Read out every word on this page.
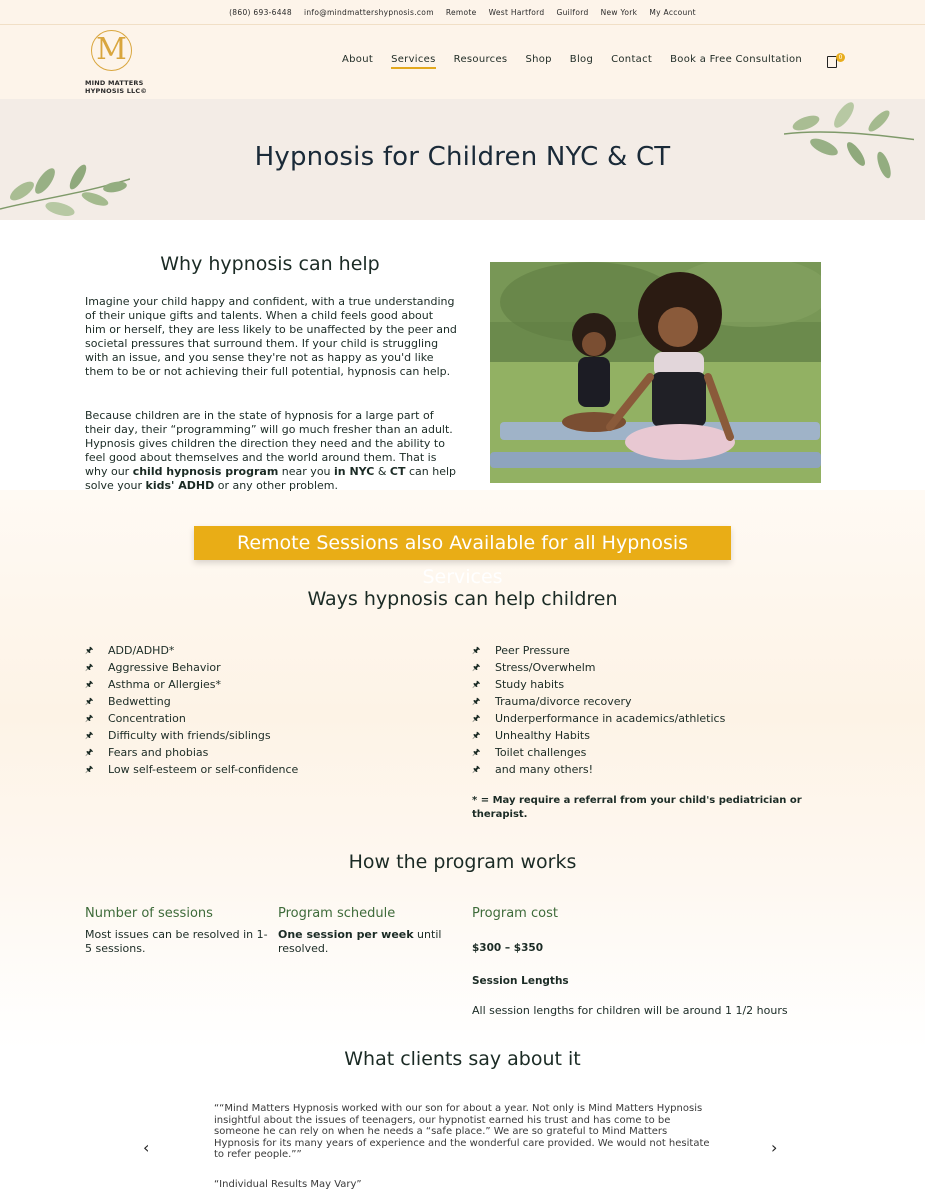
(860) 693-6448 info@mindmattershypnosis.com Remote West Hartford Guilford New York My Account
M
MIND MATTERS
HYPNOSIS LLC©
About Services Resources Shop Blog Contact Book a Free Consultation	0
Hypnosis for Children NYC & CT
Why hypnosis can help

Imagine your child happy and confident, with a true understanding of their unique gifts and talents. When a child feels good about him or herself, they are less likely to be unaffected by the peer and societal pressures that surround them. If your child is struggling with an issue, and you sense they're not as happy as you'd like them to be or not achieving their full potential, hypnosis can help.

Because children are in the state of hypnosis for a large part of their day, their “programming” will go much fresher than an adult. Hypnosis gives children the direction they need and the ability to feel good about themselves and the world around them. That is why our child hypnosis program near you in NYC & CT can help solve your kids' ADHD or any other problem.

Remote Sessions also Available for all Hypnosis Services
Ways hypnosis can help children
🖈	ADD/ADHD*
🖈	Aggressive Behavior
🖈	Asthma or Allergies*
🖈	Bedwetting
🖈	Concentration
🖈	Difficulty with friends/siblings
🖈	Fears and phobias
🖈	Low self-esteem or self-confidence
🖈	Peer Pressure
🖈	Stress/Overwhelm
🖈	Study habits
🖈	Trauma/divorce recovery
🖈	Underperformance in academics/athletics
🖈	Unhealthy Habits
🖈	Toilet challenges
🖈	and many others!
* = May require a referral from your child's pediatrician or therapist.
How the program works
Number of sessions
Most issues can be resolved in 1-5 sessions.
Program schedule
One session per week until resolved.
Program cost
$300 – $350
Session Lengths
All session lengths for children will be around 1 1/2 hours
What clients say about it
‹
““Mind Matters Hypnosis worked with our son for about a year. Not only is Mind Matters Hypnosis insightful about the issues of teenagers, our hypnotist earned his trust and has come to be someone he can rely on when he needs a “safe place.” We are so grateful to Mind Matters Hypnosis for its many years of experience and the wonderful care provided. We would not hesitate to refer people.””
“Individual Results May Vary”
›
